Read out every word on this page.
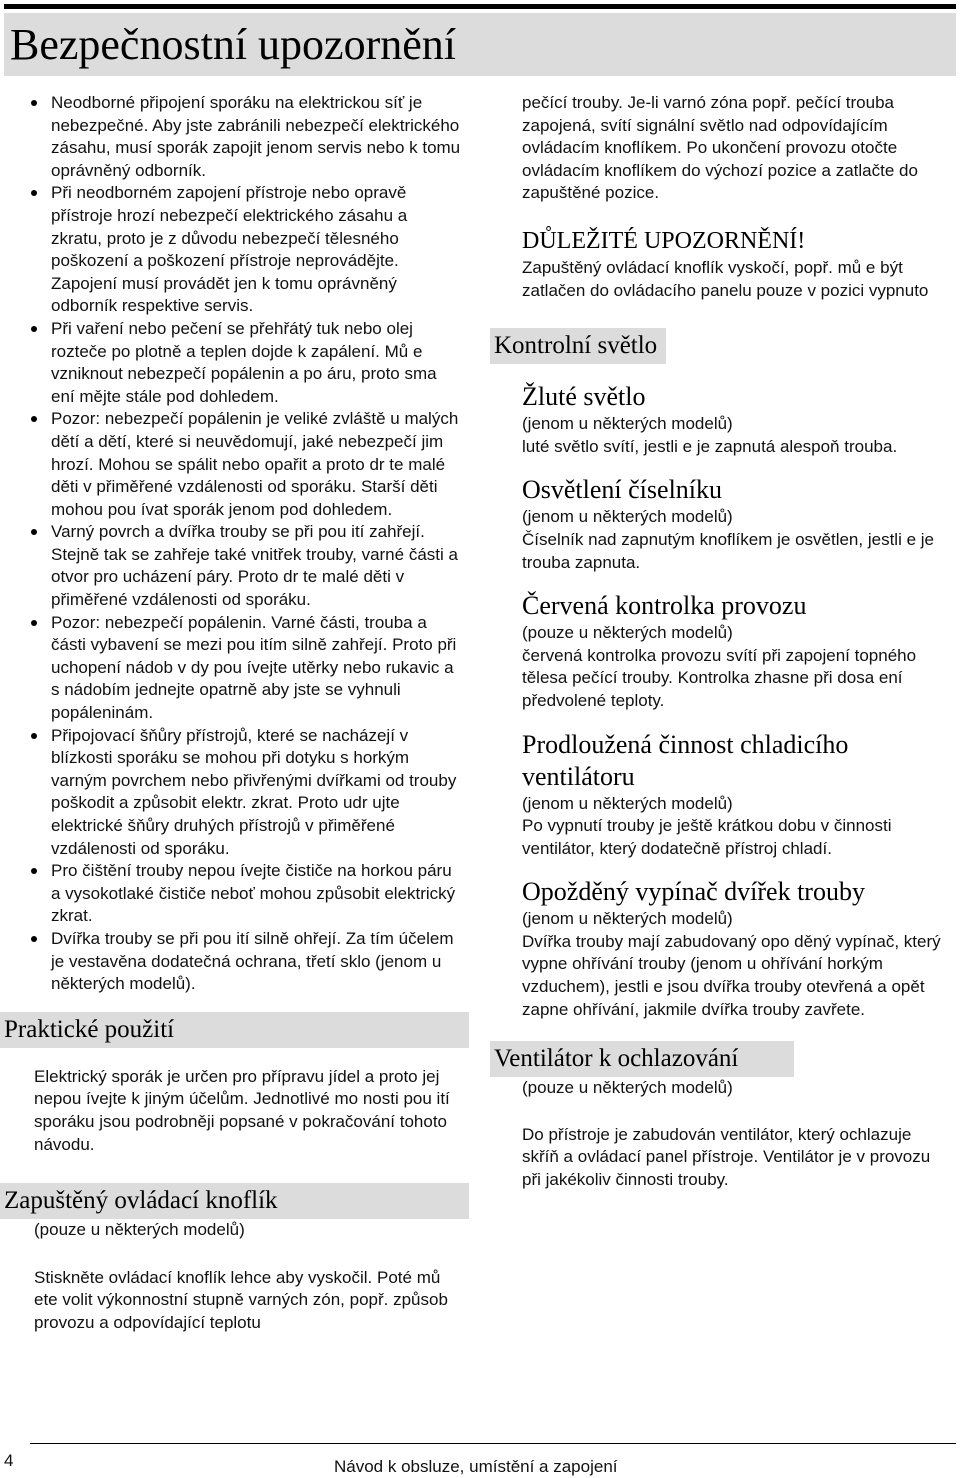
Bezpečnostní upozornění
Neodborné připojení sporáku na elektrickou síť je nebezpečné. Aby jste zabránili nebezpečí elektrického zásahu, musí sporák zapojit jenom servis nebo k tomu oprávněný odborník.
Při neodborném zapojení přístroje nebo opravě přístroje hrozí nebezpečí elektrického zásahu a zkratu, proto je z důvodu nebezpečí tělesného poškození a poškození přístroje neprovádějte. Zapojení musí provádět jen k tomu oprávněný odborník respektive servis.
Při vaření nebo pečení se přehřátý tuk nebo olej roztečе po plotně a teplen dojde k zapálení. Mů e vzniknout nebezpečí popálenin a po áru, proto sma ení mějte stále pod dohledem.
Pozor: nebezpečí popálenin je veliké zvláště u malých dětí a dětí, které si neuvědomují, jaké nebezpečí jim hrozí. Mohou se spálit nebo opařit a proto dr te malé děti v přiměřené vzdálenosti od sporáku. Starší děti mohou pou ívat sporák jenom pod dohledem.
Varný povrch a dvířka trouby se při pou ití zahřejí. Stejně tak se zahřeje také vnitřek trouby, varné části a otvor pro ucházení páry. Proto dr te malé děti v přiměřené vzdálenosti od sporáku.
Pozor: nebezpečí popálenin. Varné části, trouba a části vybavení se mezi pou itím silně zahřejí. Proto při uchopení nádob v dy pou ívejte utěrky nebo rukavic a s nádobím jednejte opatrně aby jste se vyhnuli popáleninám.
Připojovací šňůry přístrojů, které se nacházejí v blízkosti sporáku se mohou při dotyku s horkým varným povrchem nebo přivřenými dvířkami od trouby poškodit a způsobit elektr. zkrat. Proto udr ujte elektrické šňůry druhých přístrojů v přiměřené vzdálenosti od sporáku.
Pro čištění trouby nepou ívejte čističe na horkou páru a vysokotlaké čističe neboť mohou způsobit elektrický zkrat.
Dvířka trouby se při pou ití silně ohřejí. Za tím účelem je vestavěna dodatečná ochrana, třetí sklo (jenom u některých modelů).
Praktické použití

Elektrický sporák je určen pro přípravu jídel a proto jej nepou ívejte k jiným účelům. Jednotlivé mo nosti pou ití sporáku jsou podrobněji popsané v pokračování tohoto návodu.

Zapuštěný ovládací knoflík

(pouze u některých modelů)

Stiskněte ovládací knoflík lehce aby vyskočil. Poté mů ete volit výkonnostní stupně varných zón, popř. způsob provozu a odpovídající teplotu

pečící trouby. Je-li varnó zóna popř. pečící trouba zapojená, svítí signální světlo nad odpovídajícím ovládacím knoflíkem. Po ukončení provozu otočte ovládacím knoflíkem do výchozí pozice a zatlačte do zapuštěné pozice.

DŮLEŽITÉ UPOZORNĚNÍ!

Zapuštěný ovládací knoflík vyskočí, popř. mů e být zatlačen do ovládacího panelu pouze v pozici vypnuto

Kontrolní světlo
Žluté světlo

(jenom u některých modelů)

luté světlo svítí, jestli e je zapnutá alespoň trouba.

Osvětlení číselníku

(jenom u některých modelů)

Číselník nad zapnutým knoflíkem je osvětlen, jestli e je trouba zapnuta.

Červená kontrolka provozu

(pouze u některých modelů)

červená kontrolka provozu svítí při zapojení topného tělesa pečící trouby. Kontrolka zhasne při dosa ení předvolené teploty.

Prodloužená činnost chladicího ventilátoru

(jenom u některých modelů)

Po vypnutí trouby je ještě krátkou dobu v činnosti ventilátor, který dodatečně přístroj chladí.

Opožděný vypínač dvířek trouby

(jenom u některých modelů)

Dvířka trouby mají zabudovaný opo děný vypínač, který vypne ohřívání trouby (jenom u ohřívání horkým vzduchem), jestli e jsou dvířka trouby otevřená a opět zapne ohřívání, jakmile dvířka trouby zavřete.

Ventilátor k ochlazování

(pouze u některých modelů)

Do přístroje je zabudován ventilátor, který ochlazuje skříň a ovládací panel přístroje. Ventilátor je v provozu při jakékoliv činnosti trouby.

4	Návod k obsluze, umístění a zapojení
